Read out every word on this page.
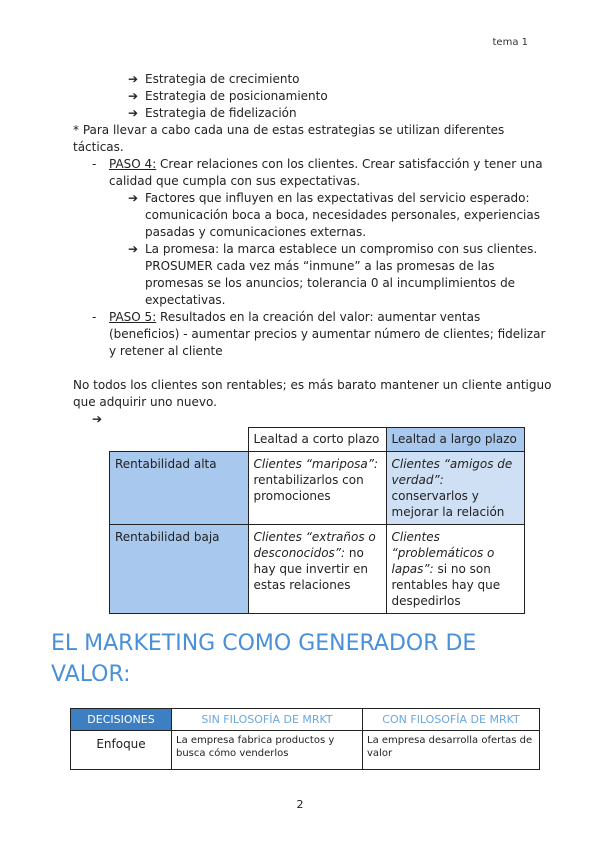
tema 1
➔ Estrategia de crecimiento
➔ Estrategia de posicionamiento
➔ Estrategia de fidelización
* Para llevar a cabo cada una de estas estrategias se utilizan diferentes
tácticas.
- PASO 4: Crear relaciones con los clientes. Crear satisfacción y tener una
calidad que cumpla con sus expectativas.
➔ Factores que influyen en las expectativas del servicio esperado:
comunicación boca a boca, necesidades personales, experiencias
pasadas y comunicaciones externas.
➔ La promesa: la marca establece un compromiso con sus clientes.
PROSUMER cada vez más “inmune” a las promesas de las
promesas se los anuncios; tolerancia 0 al incumplimientos de
expectativas.
- PASO 5: Resultados en la creación del valor: aumentar ventas
(beneficios) - aumentar precios y aumentar número de clientes; fidelizar
y retener al cliente
No todos los clientes son rentables; es más barato mantener un cliente antiguo
que adquirir uno nuevo.
➔
	Lealtad a corto plazo	Lealtad a largo plazo
Rentabilidad alta	Clientes “mariposa”: rentabilizarlos con promociones	Clientes “amigos de verdad”: conservarlos y mejorar la relación
Rentabilidad baja	Clientes “extraños o desconocidos”: no hay que invertir en estas relaciones	Clientes “problemáticos o lapas”: si no son rentables hay que despedirlos
EL MARKETING COMO GENERADOR DE
VALOR:
DECISIONES	SIN FILOSOFÍA DE MRKT	CON FILOSOFÍA DE MRKT
Enfoque	La empresa fabrica productos y busca cómo venderlos	La empresa desarrolla ofertas de valor
2
